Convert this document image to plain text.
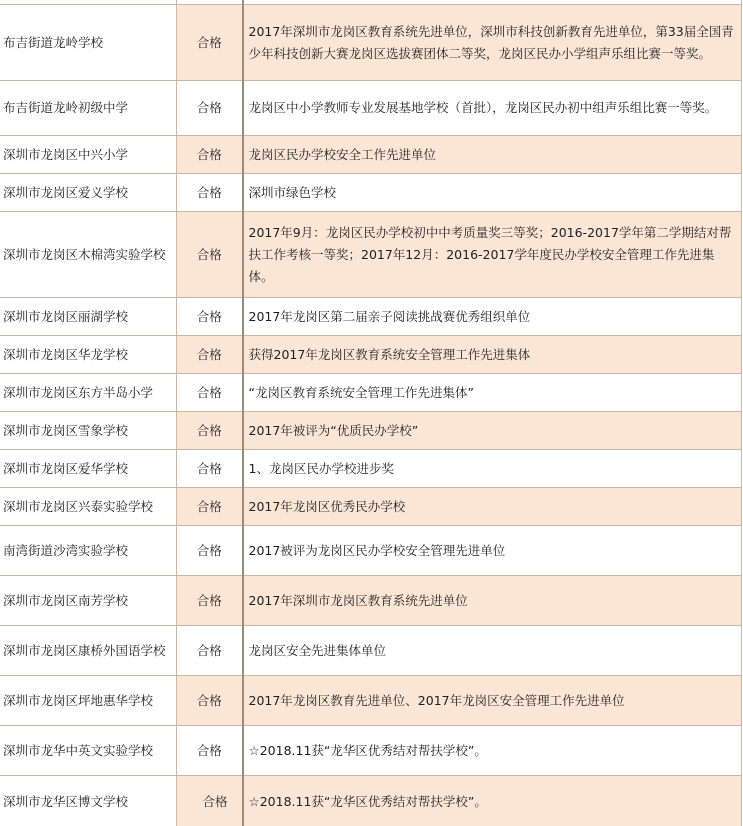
布吉街道龙岭学校	合格	2017年深圳市龙岗区教育系统先进单位，深圳市科技创新教育先进单位，第33届全国青少年科技创新大赛龙岗区选拔赛团体二等奖，龙岗区民办小学组声乐组比赛一等奖。
布吉街道龙岭初级中学	合格	龙岗区中小学教师专业发展基地学校（首批），龙岗区民办初中组声乐组比赛一等奖。
深圳市龙岗区中兴小学	合格	龙岗区民办学校安全工作先进单位
深圳市龙岗区爱义学校	合格	深圳市绿色学校
深圳市龙岗区木棉湾实验学校	合格	2017年9月：龙岗区民办学校初中中考质量奖三等奖；2016-2017学年第二学期结对帮扶工作考核一等奖；2017年12月：2016-2017学年度民办学校安全管理工作先进集体。
深圳市龙岗区丽湖学校	合格	2017年龙岗区第二届亲子阅读挑战赛优秀组织单位
深圳市龙岗区华龙学校	合格	获得2017年龙岗区教育系统安全管理工作先进集体
深圳市龙岗区东方半岛小学	合格	“龙岗区教育系统安全管理工作先进集体”
深圳市龙岗区雪象学校	合格	2017年被评为“优质民办学校”
深圳市龙岗区爱华学校	合格	1、龙岗区民办学校进步奖
深圳市龙岗区兴泰实验学校	合格	2017年龙岗区优秀民办学校
南湾街道沙湾实验学校	合格	2017被评为龙岗区民办学校安全管理先进单位
深圳市龙岗区南芳学校	合格	2017年深圳市龙岗区教育系统先进单位
深圳市龙岗区康桥外国语学校	合格	龙岗区安全先进集体单位
深圳市龙岗区坪地惠华学校	合格	2017年龙岗区教育先进单位、2017年龙岗区安全管理工作先进单位
深圳市龙华中英文实验学校	合格	☆2018.11获“龙华区优秀结对帮扶学校”。
深圳市龙华区博文学校	合格	☆2018.11获“龙华区优秀结对帮扶学校”。
